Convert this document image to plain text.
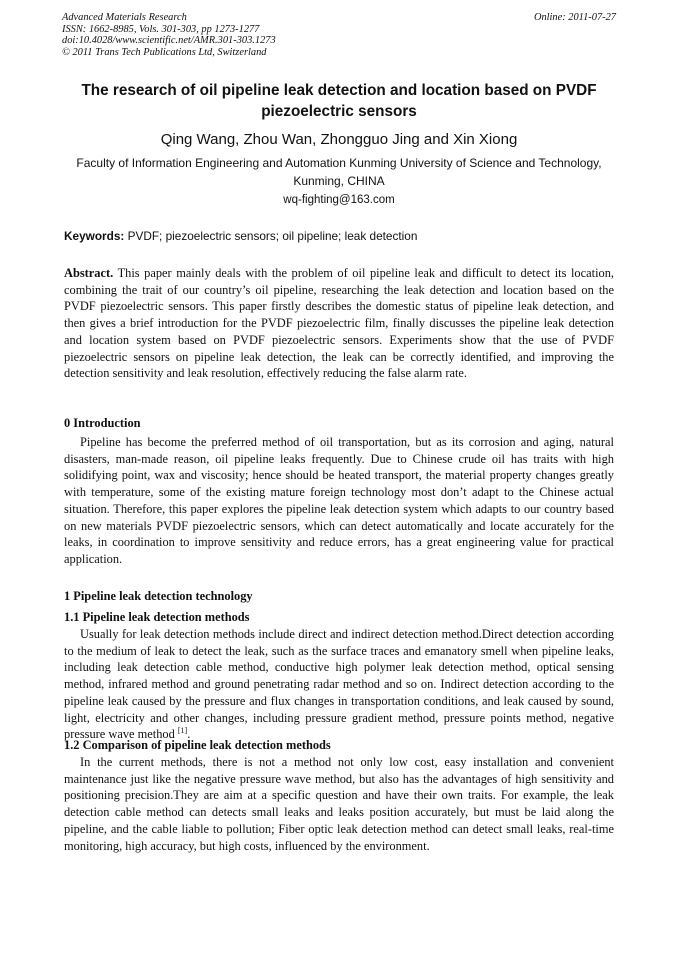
Advanced Materials Research
ISSN: 1662-8985, Vols. 301-303, pp 1273-1277
doi:10.4028/www.scientific.net/AMR.301-303.1273
© 2011 Trans Tech Publications Ltd, Switzerland
Online: 2011-07-27
The research of oil pipeline leak detection and location based on PVDF piezoelectric sensors
Qing Wang, Zhou Wan, Zhongguo Jing and Xin Xiong
Faculty of Information Engineering and Automation Kunming University of Science and Technology, Kunming, CHINA
wq-fighting@163.com
Keywords: PVDF; piezoelectric sensors; oil pipeline; leak detection
Abstract. This paper mainly deals with the problem of oil pipeline leak and difficult to detect its location, combining the trait of our country’s oil pipeline, researching the leak detection and location based on the PVDF piezoelectric sensors. This paper firstly describes the domestic status of pipeline leak detection, and then gives a brief introduction for the PVDF piezoelectric film, finally discusses the pipeline leak detection and location system based on PVDF piezoelectric sensors. Experiments show that the use of PVDF piezoelectric sensors on pipeline leak detection, the leak can be correctly identified, and improving the detection sensitivity and leak resolution, effectively reducing the false alarm rate.
0 Introduction
Pipeline has become the preferred method of oil transportation, but as its corrosion and aging, natural disasters, man-made reason, oil pipeline leaks frequently. Due to Chinese crude oil has traits with high solidifying point, wax and viscosity; hence should be heated transport, the material property changes greatly with temperature, some of the existing mature foreign technology most don’t adapt to the Chinese actual situation. Therefore, this paper explores the pipeline leak detection system which adapts to our country based on new materials PVDF piezoelectric sensors, which can detect automatically and locate accurately for the leaks, in coordination to improve sensitivity and reduce errors, has a great engineering value for practical application.
1 Pipeline leak detection technology
1.1 Pipeline leak detection methods
Usually for leak detection methods include direct and indirect detection method.Direct detection according to the medium of leak to detect the leak, such as the surface traces and emanatory smell when pipeline leaks, including leak detection cable method, conductive high polymer leak detection method, optical sensing method, infrared method and ground penetrating radar method and so on. Indirect detection according to the pipeline leak caused by the pressure and flux changes in transportation conditions, and leak caused by sound, light, electricity and other changes, including pressure gradient method, pressure points method, negative pressure wave method [1].
1.2 Comparison of pipeline leak detection methods
In the current methods, there is not a method not only low cost, easy installation and convenient maintenance just like the negative pressure wave method, but also has the advantages of high sensitivity and positioning precision.They are aim at a specific question and have their own traits. For example, the leak detection cable method can detects small leaks and leaks position accurately, but must be laid along the pipeline, and the cable liable to pollution; Fiber optic leak detection method can detect small leaks, real-time monitoring, high accuracy, but high costs, influenced by the environment.
